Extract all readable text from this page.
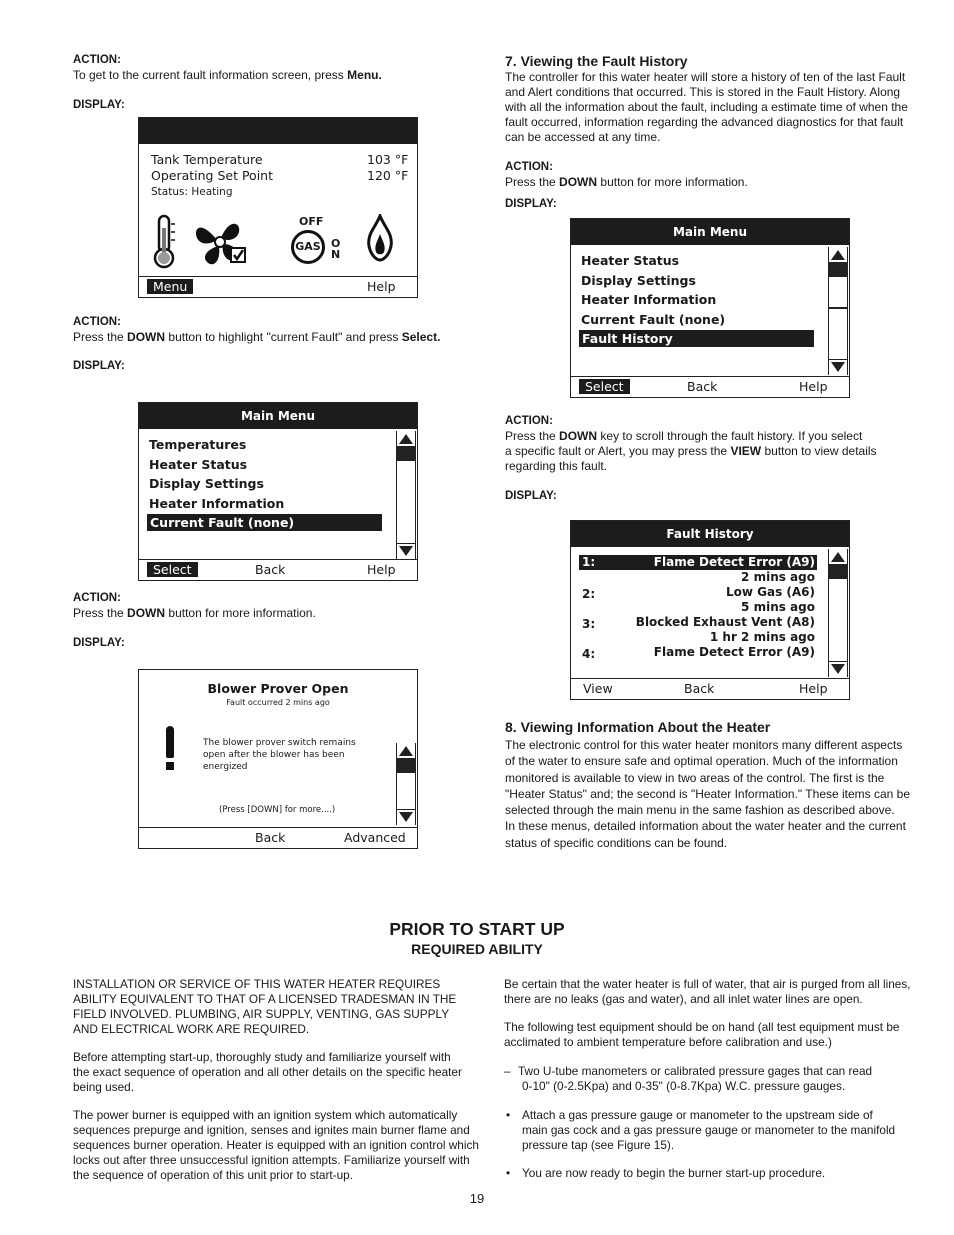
ACTION:
To get to the current fault information screen, press Menu.
DISPLAY:
Tank Temperature	103 °F
Operating Set Point	120 °F
Status: Heating
OFF
GAS O
N
Menu	Help
ACTION:
Press the DOWN button to highlight "current Fault" and press Select.
DISPLAY:
Main Menu
Temperatures
Heater Status
Display Settings
Heater Information
Current Fault (none)
Select	Back	Help
ACTION:
Press the DOWN button for more information.
DISPLAY:
Blower Prover Open
Fault occurred 2 mins ago
The blower prover switch remains
open after the blower has been
energized
(Press [DOWN] for more....)
Back	Advanced
7. Viewing the Fault History
The controller for this water heater will store a history of ten of the last Fault
and Alert conditions that occurred. This is stored in the Fault History. Along
with all the information about the fault, including a estimate time of when the
fault occurred, information regarding the advanced diagnostics for that fault
can be accessed at any time.
ACTION:
Press the DOWN button for more information.
DISPLAY:
Main Menu
Heater Status
Display Settings
Heater Information
Current Fault (none)
Fault History
Select	Back	Help
ACTION:
Press the DOWN key to scroll through the fault history. If you select
a specific fault or Alert, you may press the VIEW button to view details
regarding this fault.
DISPLAY:
Fault History
1:	Flame Detect Error (A9)
2 mins ago
2:	Low Gas (A6)
5 mins ago
3:	Blocked Exhaust Vent (A8)
1 hr 2 mins ago
4:	Flame Detect Error (A9)
View	Back	Help
8. Viewing Information About the Heater
The electronic control for this water heater monitors many different aspects
of the water to ensure safe and optimal operation. Much of the information
monitored is available to view in two areas of the control. The first is the
"Heater Status" and; the second is "Heater Information." These items can be
selected through the main menu in the same fashion as described above.
In these menus, detailed information about the water heater and the current
status of specific conditions can be found.
PRIOR TO START UP
REQUIRED ABILITY
INSTALLATION OR SERVICE OF THIS WATER HEATER REQUIRES
ABILITY EQUIVALENT TO THAT OF A LICENSED TRADESMAN IN THE
FIELD INVOLVED. PLUMBING, AIR SUPPLY, VENTING, GAS SUPPLY
AND ELECTRICAL WORK ARE REQUIRED.
Before attempting start-up, thoroughly study and familiarize yourself with
the exact sequence of operation and all other details on the specific heater
being used.
The power burner is equipped with an ignition system which automatically
sequences prepurge and ignition, senses and ignites main burner flame and
sequences burner operation. Heater is equipped with an ignition control which
locks out after three unsuccessful ignition attempts. Familiarize yourself with
the sequence of operation of this unit prior to start-up.
Be certain that the water heater is full of water, that air is purged from all lines,
there are no leaks (gas and water), and all inlet water lines are open.
The following test equipment should be on hand (all test equipment must be
acclimated to ambient temperature before calibration and use.)
– Two U-tube manometers or calibrated pressure gages that can read
0-10" (0-2.5Kpa) and 0-35" (0-8.7Kpa) W.C. pressure gauges.
• Attach a gas pressure gauge or manometer to the upstream side of
main gas cock and a gas pressure gauge or manometer to the manifold
pressure tap (see Figure 15).
• You are now ready to begin the burner start-up procedure.
19
